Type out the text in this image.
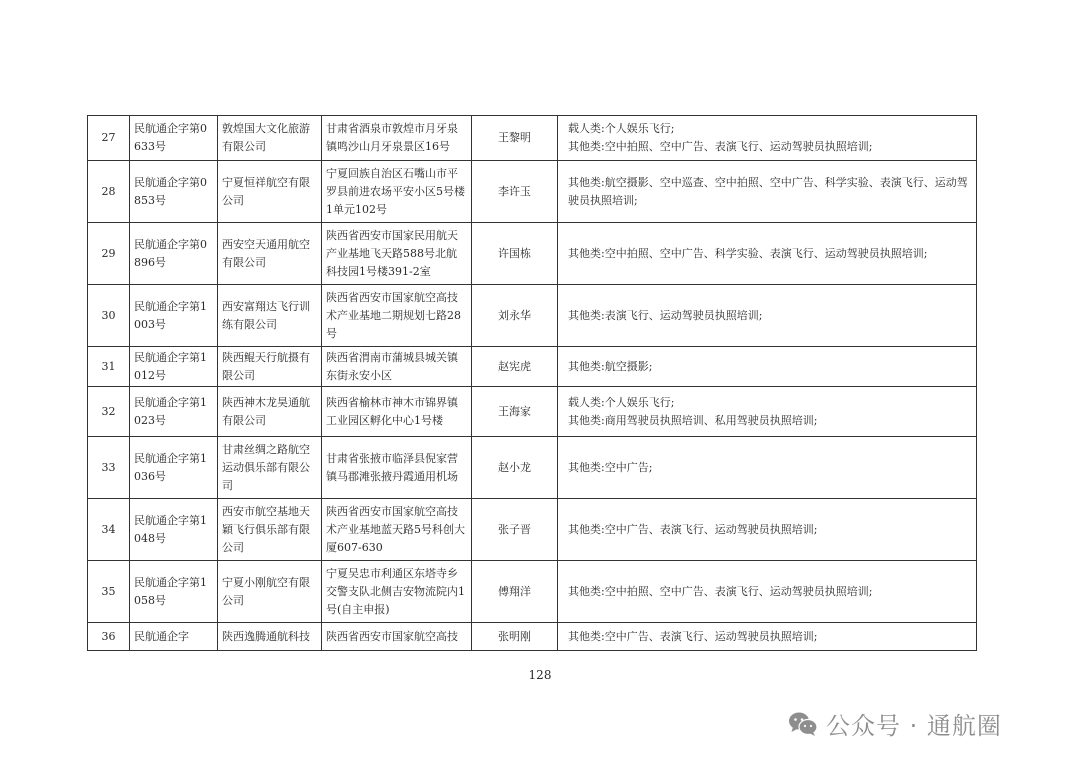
27	民航通企字第0633号	敦煌国大文化旅游有限公司	甘肃省酒泉市敦煌市月牙泉镇鸣沙山月牙泉景区16号	王黎明	载人类:个人娱乐飞行;
其他类:空中拍照、空中广告、表演飞行、运动驾驶员执照培训;

28	民航通企字第0853号	宁夏恒祥航空有限公司	宁夏回族自治区石嘴山市平罗县前进农场平安小区5号楼1单元102号	李许玉	其他类:航空摄影、空中巡查、空中拍照、空中广告、科学实验、表演飞行、运动驾驶员执照培训;

29	民航通企字第0896号	西安空天通用航空有限公司	陕西省西安市国家民用航天产业基地飞天路588号北航科技园1号楼391-2室	许国栋	其他类:空中拍照、空中广告、科学实验、表演飞行、运动驾驶员执照培训;

30	民航通企字第1003号	西安富翔达飞行训练有限公司	陕西省西安市国家航空高技术产业基地二期规划七路28号	刘永华	其他类:表演飞行、运动驾驶员执照培训;

31	民航通企字第1012号	陕西鲲天行航摄有限公司	陕西省渭南市蒲城县城关镇东街永安小区	赵宪虎	其他类:航空摄影;

32	民航通企字第1023号	陕西神木龙昊通航有限公司	陕西省榆林市神木市锦界镇工业园区孵化中心1号楼	王海家	载人类:个人娱乐飞行;
其他类:商用驾驶员执照培训、私用驾驶员执照培训;

33	民航通企字第1036号	甘肃丝绸之路航空运动俱乐部有限公司	甘肃省张掖市临泽县倪家营镇马郡滩张掖丹霞通用机场	赵小龙	其他类:空中广告;

34	民航通企字第1048号	西安市航空基地天穎飞行俱乐部有限公司	陕西省西安市国家航空高技术产业基地蓝天路5号科创大厦607-630	张子晋	其他类:空中广告、表演飞行、运动驾驶员执照培训;

35	民航通企字第1058号	宁夏小刚航空有限公司	宁夏吴忠市利通区东塔寺乡交警支队北侧吉安物流院内1号(自主申报)	傅翔洋	其他类:空中拍照、空中广告、表演飞行、运动驾驶员执照培训;

36	民航通企字	陕西逸腾通航科技	陕西省西安市国家航空高技	张明刚	其他类:空中广告、表演飞行、运动驾驶员执照培训;
128
公众号 · 通航圈
